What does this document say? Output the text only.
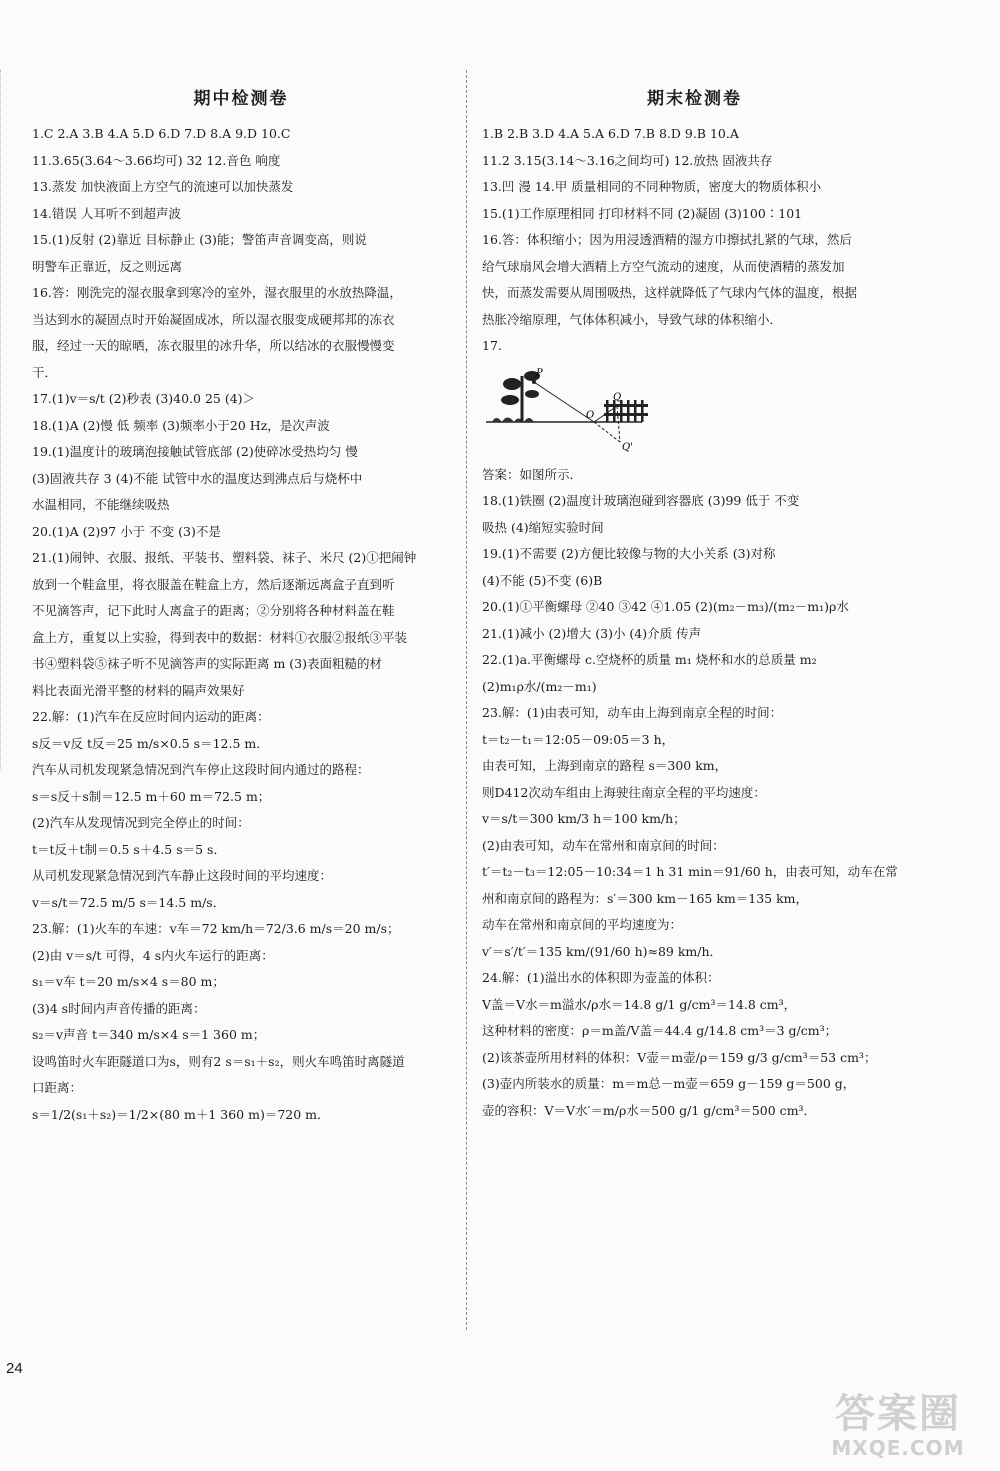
期中检测卷
1.C 2.A 3.B 4.A 5.D 6.D 7.D 8.A 9.D 10.C
11.3.65(3.64～3.66均可) 32 12.音色 响度
13.蒸发 加快液面上方空气的流速可以加快蒸发
14.错误 人耳听不到超声波
15.(1)反射 (2)靠近 目标静止 (3)能；警笛声音调变高，则说
明警车正靠近，反之则远离
16.答：刚洗完的湿衣服拿到寒冷的室外，湿衣服里的水放热降温，
当达到水的凝固点时开始凝固成冰，所以湿衣服变成硬邦邦的冻衣
服，经过一天的晾晒，冻衣服里的冰升华，所以结冰的衣服慢慢变
干．
17.(1)v＝s/t (2)秒表 (3)40.0 25 (4)＞
18.(1)A (2)慢 低 频率 (3)频率小于20 Hz，是次声波
19.(1)温度计的玻璃泡接触试管底部 (2)使碎冰受热均匀 慢
(3)固液共存 3 (4)不能 试管中水的温度达到沸点后与烧杯中
水温相同，不能继续吸热
20.(1)A (2)97 小于 不变 (3)不是
21.(1)闹钟、衣服、报纸、平装书、塑料袋、袜子、米尺 (2)①把闹钟
放到一个鞋盒里，将衣服盖在鞋盒上方，然后逐渐远离盒子直到听
不见滴答声，记下此时人离盒子的距离；②分别将各种材料盖在鞋
盒上方，重复以上实验，得到表中的数据：材料①衣服②报纸③平装
书④塑料袋⑤袜子听不见滴答声的实际距离 m (3)表面粗糙的材
料比表面光滑平整的材料的隔声效果好
22.解：(1)汽车在反应时间内运动的距离：
s反＝v反 t反＝25 m/s×0.5 s＝12.5 m．
汽车从司机发现紧急情况到汽车停止这段时间内通过的路程：
s＝s反＋s制＝12.5 m＋60 m＝72.5 m；
(2)汽车从发现情况到完全停止的时间：
t＝t反＋t制＝0.5 s＋4.5 s＝5 s．
从司机发现紧急情况到汽车静止这段时间的平均速度：
v＝s/t＝72.5 m/5 s＝14.5 m/s．
23.解：(1)火车的车速：v车＝72 km/h＝72/3.6 m/s＝20 m/s；
(2)由 v＝s/t 可得，4 s内火车运行的距离：
s₁＝v车 t＝20 m/s×4 s＝80 m；
(3)4 s时间内声音传播的距离：
s₂＝v声音 t＝340 m/s×4 s＝1 360 m；
设鸣笛时火车距隧道口为s，则有2 s＝s₁＋s₂，则火车鸣笛时离隧道
口距离：
s＝1/2(s₁＋s₂)＝1/2×(80 m＋1 360 m)＝720 m．
期末检测卷
1.B 2.B 3.D 4.A 5.A 6.D 7.B 8.D 9.B 10.A
11.2 3.15(3.14～3.16之间均可) 12.放热 固液共存
13.凹 漫 14.甲 质量相同的不同种物质，密度大的物质体积小
15.(1)工作原理相同 打印材料不同 (2)凝固 (3)100∶101
16.答：体积缩小；因为用浸透酒精的湿方巾擦拭扎紧的气球，然后
给气球扇风会增大酒精上方空气流动的速度，从而使酒精的蒸发加
快，而蒸发需要从周围吸热，这样就降低了气球内气体的温度，根据
热胀冷缩原理，气体体积减小，导致气球的体积缩小．
17.
P
Q
O
Q'
答案：如图所示．
18.(1)铁圈 (2)温度计玻璃泡碰到容器底 (3)99 低于 不变
吸热 (4)缩短实验时间
19.(1)不需要 (2)方便比较像与物的大小关系 (3)对称
(4)不能 (5)不变 (6)B
20.(1)①平衡螺母 ②40 ③42 ④1.05 (2)(m₂－m₃)/(m₂－m₁)ρ水
21.(1)减小 (2)增大 (3)小 (4)介质 传声
22.(1)a.平衡螺母 c.空烧杯的质量 m₁ 烧杯和水的总质量 m₂
(2)m₁ρ水/(m₂－m₁)
23.解：(1)由表可知，动车由上海到南京全程的时间：
t＝t₂－t₁＝12:05－09:05＝3 h，
由表可知，上海到南京的路程 s＝300 km，
则D412次动车组由上海驶往南京全程的平均速度：
v＝s/t＝300 km/3 h＝100 km/h；
(2)由表可知，动车在常州和南京间的时间：
t′＝t₂－t₃＝12:05－10:34＝1 h 31 min＝91/60 h，由表可知，动车在常
州和南京间的路程为：s′＝300 km－165 km＝135 km，
动车在常州和南京间的平均速度为：
v′＝s′/t′＝135 km/(91/60 h)≈89 km/h．
24.解：(1)溢出水的体积即为壶盖的体积：
V盖＝V水＝m溢水/ρ水＝14.8 g/1 g/cm³＝14.8 cm³，
这种材料的密度：ρ＝m盖/V盖＝44.4 g/14.8 cm³＝3 g/cm³；
(2)该茶壶所用材料的体积：V壶＝m壶/ρ＝159 g/3 g/cm³＝53 cm³；
(3)壶内所装水的质量：m＝m总－m壶＝659 g－159 g＝500 g，
壶的容积：V＝V水′＝m/ρ水＝500 g/1 g/cm³＝500 cm³．
24
答案圈
MXQE.COM
